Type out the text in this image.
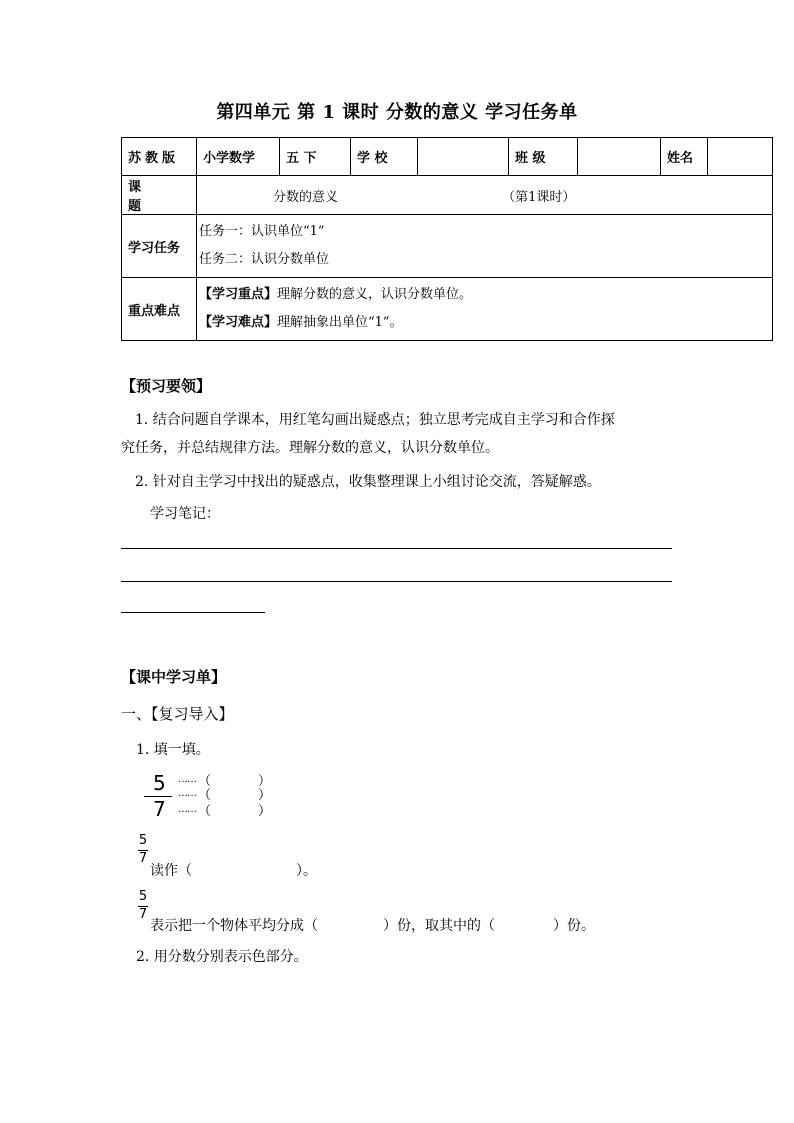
第四单元 第 1 课时 分数的意义 学习任务单
苏教版	小学数学	五 下	学 校		班 级		姓名	
课题	分数的意义 （第1课时）							
学习任务	任务一：认识单位“1”
任务二：认识分数单位							

重点难点	【学习重点】理解分数的意义，认识分数单位。
【学习难点】理解抽象出单位“1”。							
【预习要领】
1. 结合问题自学课本，用红笔勾画出疑惑点；独立思考完成自主学习和合作探
究任务，并总结规律方法。理解分数的意义，认识分数单位。
2. 针对自主学习中找出的疑惑点，收集整理课上小组讨论交流，答疑解惑。
学习笔记：
【课中学习单】
一、【复习导入】
1. 填一填。
5
7
…… （	）
…… （	）
…… （	）
5
7
读作（	）。
5
7
表示把一个物体平均分成（	）份，取其中的（	）份。
2. 用分数分别表示色部分。
